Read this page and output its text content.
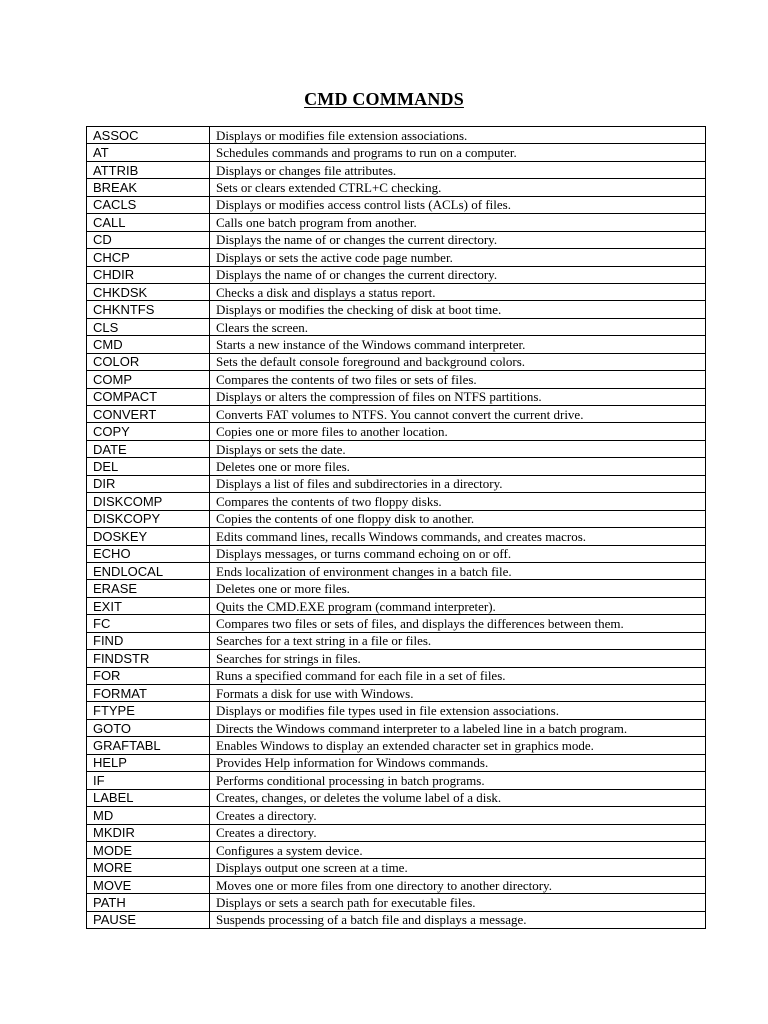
CMD COMMANDS
ASSOC	Displays or modifies file extension associations.
AT	Schedules commands and programs to run on a computer.
ATTRIB	Displays or changes file attributes.
BREAK	Sets or clears extended CTRL+C checking.
CACLS	Displays or modifies access control lists (ACLs) of files.
CALL	Calls one batch program from another.
CD	Displays the name of or changes the current directory.
CHCP	Displays or sets the active code page number.
CHDIR	Displays the name of or changes the current directory.
CHKDSK	Checks a disk and displays a status report.
CHKNTFS	Displays or modifies the checking of disk at boot time.
CLS	Clears the screen.
CMD	Starts a new instance of the Windows command interpreter.
COLOR	Sets the default console foreground and background colors.
COMP	Compares the contents of two files or sets of files.
COMPACT	Displays or alters the compression of files on NTFS partitions.
CONVERT	Converts FAT volumes to NTFS. You cannot convert the current drive.
COPY	Copies one or more files to another location.
DATE	Displays or sets the date.
DEL	Deletes one or more files.
DIR	Displays a list of files and subdirectories in a directory.
DISKCOMP	Compares the contents of two floppy disks.
DISKCOPY	Copies the contents of one floppy disk to another.
DOSKEY	Edits command lines, recalls Windows commands, and creates macros.
ECHO	Displays messages, or turns command echoing on or off.
ENDLOCAL	Ends localization of environment changes in a batch file.
ERASE	Deletes one or more files.
EXIT	Quits the CMD.EXE program (command interpreter).
FC	Compares two files or sets of files, and displays the differences between them.
FIND	Searches for a text string in a file or files.
FINDSTR	Searches for strings in files.
FOR	Runs a specified command for each file in a set of files.
FORMAT	Formats a disk for use with Windows.
FTYPE	Displays or modifies file types used in file extension associations.
GOTO	Directs the Windows command interpreter to a labeled line in a batch program.
GRAFTABL	Enables Windows to display an extended character set in graphics mode.
HELP	Provides Help information for Windows commands.
IF	Performs conditional processing in batch programs.
LABEL	Creates, changes, or deletes the volume label of a disk.
MD	Creates a directory.
MKDIR	Creates a directory.
MODE	Configures a system device.
MORE	Displays output one screen at a time.
MOVE	Moves one or more files from one directory to another directory.
PATH	Displays or sets a search path for executable files.
PAUSE	Suspends processing of a batch file and displays a message.
